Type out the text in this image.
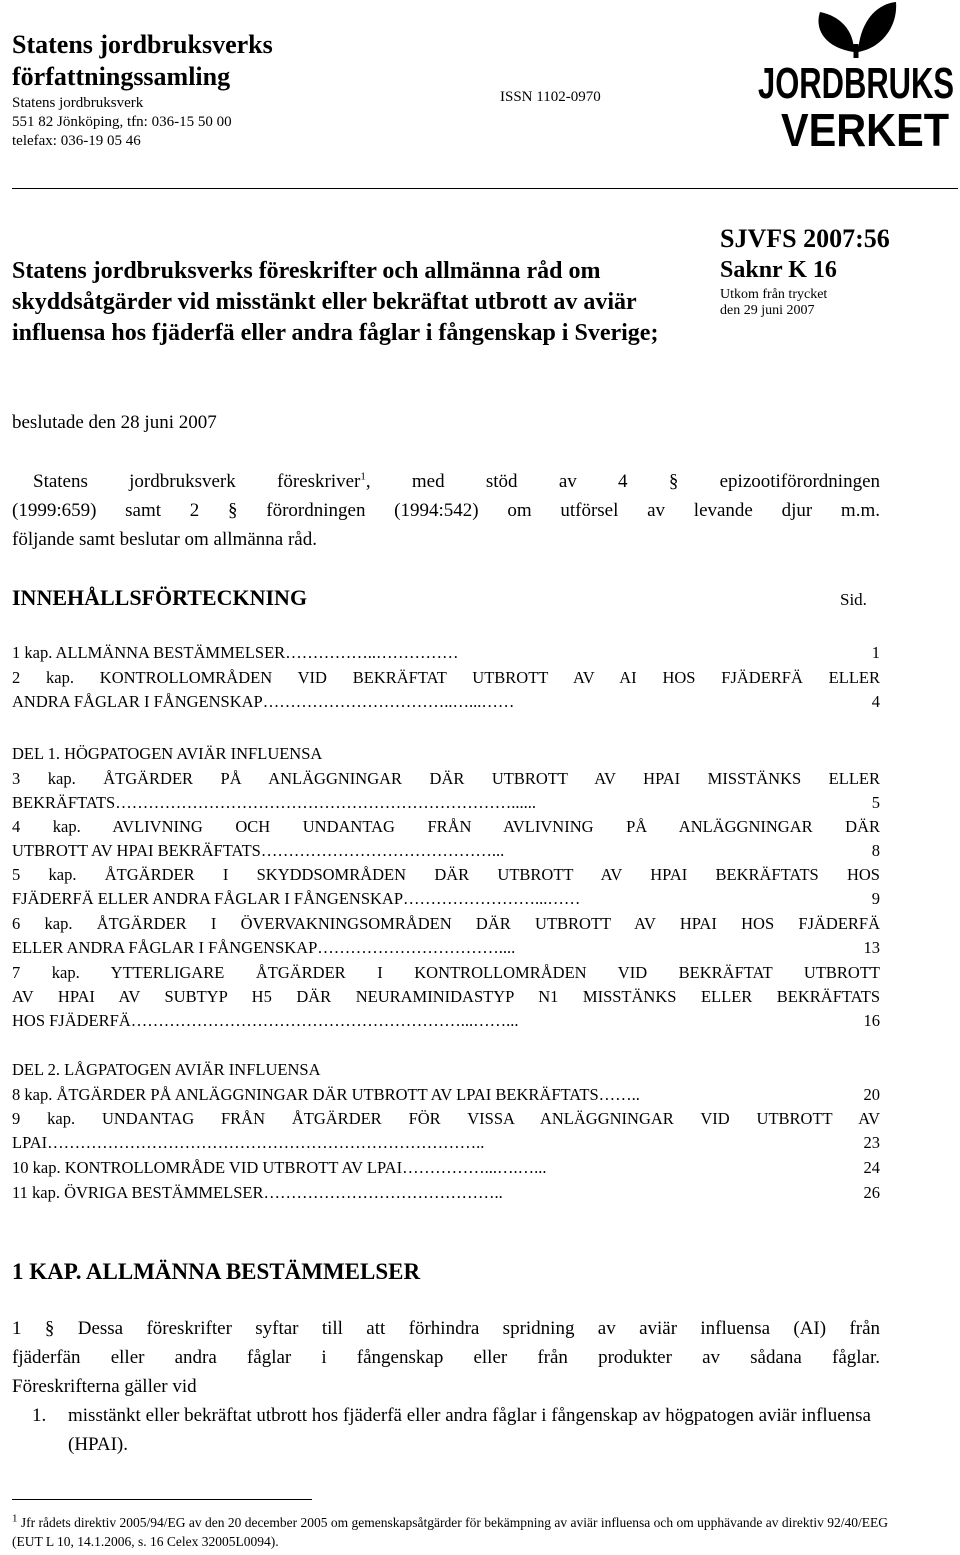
Statens jordbruksverks författningssamling
Statens jordbruksverk
551 82 Jönköping, tfn: 036-15 50 00
telefax: 036-19 05 46
ISSN 1102-0970	JORDBRUKS
VERKET
Statens jordbruksverks föreskrifter och allmänna råd om skyddsåtgärder vid misstänkt eller bekräftat utbrott av aviär influensa hos fjäderfä eller andra fåglar i fångenskap i Sverige;
SJVFS 2007:56
Saknr K 16
Utkom från trycket
den 29 juni 2007
beslutade den 28 juni 2007
Statens jordbruksverk föreskriver$^1$, med stöd av 4 § epizootiförordningen
(1999:659) samt 2 § förordningen (1994:542) om utförsel av levande djur m.m.
följande samt beslutar om allmänna råd.
INNEHÅLLSFÖRTECKNING	Sid.
1 kap. ALLMÄNNA BESTÄMMELSER ……………..……………	1
2 kap. KONTROLLOMRÅDEN VID BEKRÄFTAT UTBROTT AV AI HOS FJÄDERFÄ ELLER
ANDRA FÅGLAR I FÅNGENSKAP ……………………………..…...……	4
DEL 1. HÖGPATOGEN AVIÄR INFLUENSA
3 kap. ÅTGÄRDER PÅ ANLÄGGNINGAR DÄR UTBROTT AV HPAI MISSTÄNKS ELLER
BEKRÄFTATS ………………………………………………………………......	5
4 kap. AVLIVNING OCH UNDANTAG FRÅN AVLIVNING PÅ ANLÄGGNINGAR DÄR
UTBROTT AV HPAI BEKRÄFTATS ……………………………………...	8
5 kap. ÅTGÄRDER I SKYDDSOMRÅDEN DÄR UTBROTT AV HPAI BEKRÄFTATS HOS
FJÄDERFÄ ELLER ANDRA FÅGLAR I FÅNGENSKAP ……………………...……	9
6 kap. ÅTGÄRDER I ÖVERVAKNINGSOMRÅDEN DÄR UTBROTT AV HPAI HOS FJÄDERFÄ
ELLER ANDRA FÅGLAR I FÅNGENSKAP ……………………………....	13
7 kap. YTTERLIGARE ÅTGÄRDER I KONTROLLOMRÅDEN VID BEKRÄFTAT UTBROTT
AV HPAI AV SUBTYP H5 DÄR NEURAMINIDASTYP N1 MISSTÄNKS ELLER BEKRÄFTATS
HOS FJÄDERFÄ ……………………………………………………...……...	16
DEL 2. LÅGPATOGEN AVIÄR INFLUENSA
8 kap. ÅTGÄRDER PÅ ANLÄGGNINGAR DÄR UTBROTT AV LPAI BEKRÄFTATS ……..	20
9 kap. UNDANTAG FRÅN ÅTGÄRDER FÖR VISSA ANLÄGGNINGAR VID UTBROTT AV
LPAI ……………………………………………………………………..	23
10 kap. KONTROLLOMRÅDE VID UTBROTT AV LPAI ……………...….…...	24
11 kap. ÖVRIGA BESTÄMMELSER ……………………………………..	26
1 KAP. ALLMÄNNA BESTÄMMELSER
1 § Dessa föreskrifter syftar till att förhindra spridning av aviär influensa (AI) från
fjäderfän eller andra fåglar i fångenskap eller från produkter av sådana fåglar.
Föreskrifterna gäller vid
1. misstänkt eller bekräftat utbrott hos fjäderfä eller andra fåglar i fångenskap av högpatogen aviär influensa (HPAI).
$^1$ Jfr rådets direktiv 2005/94/EG av den 20 december 2005 om gemenskapsåtgärder för bekämpning av aviär influensa och om upphävande av direktiv 92/40/EEG (EUT L 10, 14.1.2006, s. 16 Celex 32005L0094).
